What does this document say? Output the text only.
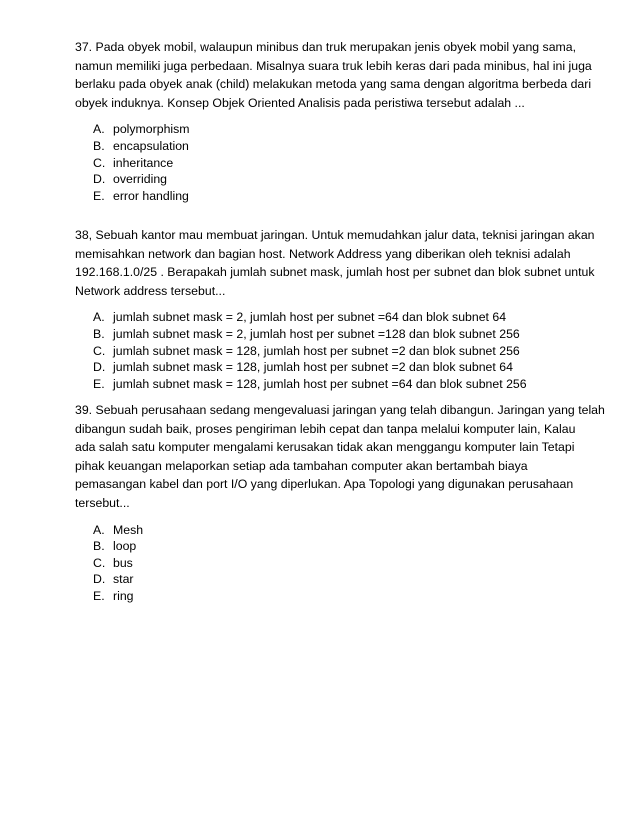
37. Pada obyek mobil, walaupun minibus dan truk merupakan jenis obyek mobil yang sama,
namun memiliki juga perbedaan. Misalnya suara truk lebih keras dari pada minibus, hal ini juga
berlaku pada obyek anak (child) melakukan metoda yang sama dengan algoritma berbeda dari
obyek induknya. Konsep Objek Oriented Analisis pada peristiwa tersebut adalah ...

A. polymorphism
B. encapsulation
C. inheritance
D. overriding
E. error handling

38, Sebuah kantor mau membuat jaringan. Untuk memudahkan jalur data, teknisi jaringan akan
memisahkan network dan bagian host. Network Address yang diberikan oleh teknisi adalah
192.168.1.0/25 . Berapakah jumlah subnet mask, jumlah host per subnet dan blok subnet untuk
Network address tersebut...

A. jumlah subnet mask = 2, jumlah host per subnet =64 dan blok subnet 64
B. jumlah subnet mask = 2, jumlah host per subnet =128 dan blok subnet 256
C. jumlah subnet mask = 128, jumlah host per subnet =2 dan blok subnet 256
D. jumlah subnet mask = 128, jumlah host per subnet =2 dan blok subnet 64
E. jumlah subnet mask = 128, jumlah host per subnet =64 dan blok subnet 256

39. Sebuah perusahaan sedang mengevaluasi jaringan yang telah dibangun. Jaringan yang telah
dibangun sudah baik, proses pengiriman lebih cepat dan tanpa melalui komputer lain, Kalau
ada salah satu komputer mengalami kerusakan tidak akan menggangu komputer lain Tetapi
pihak keuangan melaporkan setiap ada tambahan computer akan bertambah biaya
pemasangan kabel dan port I/O yang diperlukan. Apa Topologi yang digunakan perusahaan
tersebut...

A. Mesh
B. loop
C. bus
D. star
E. ring
